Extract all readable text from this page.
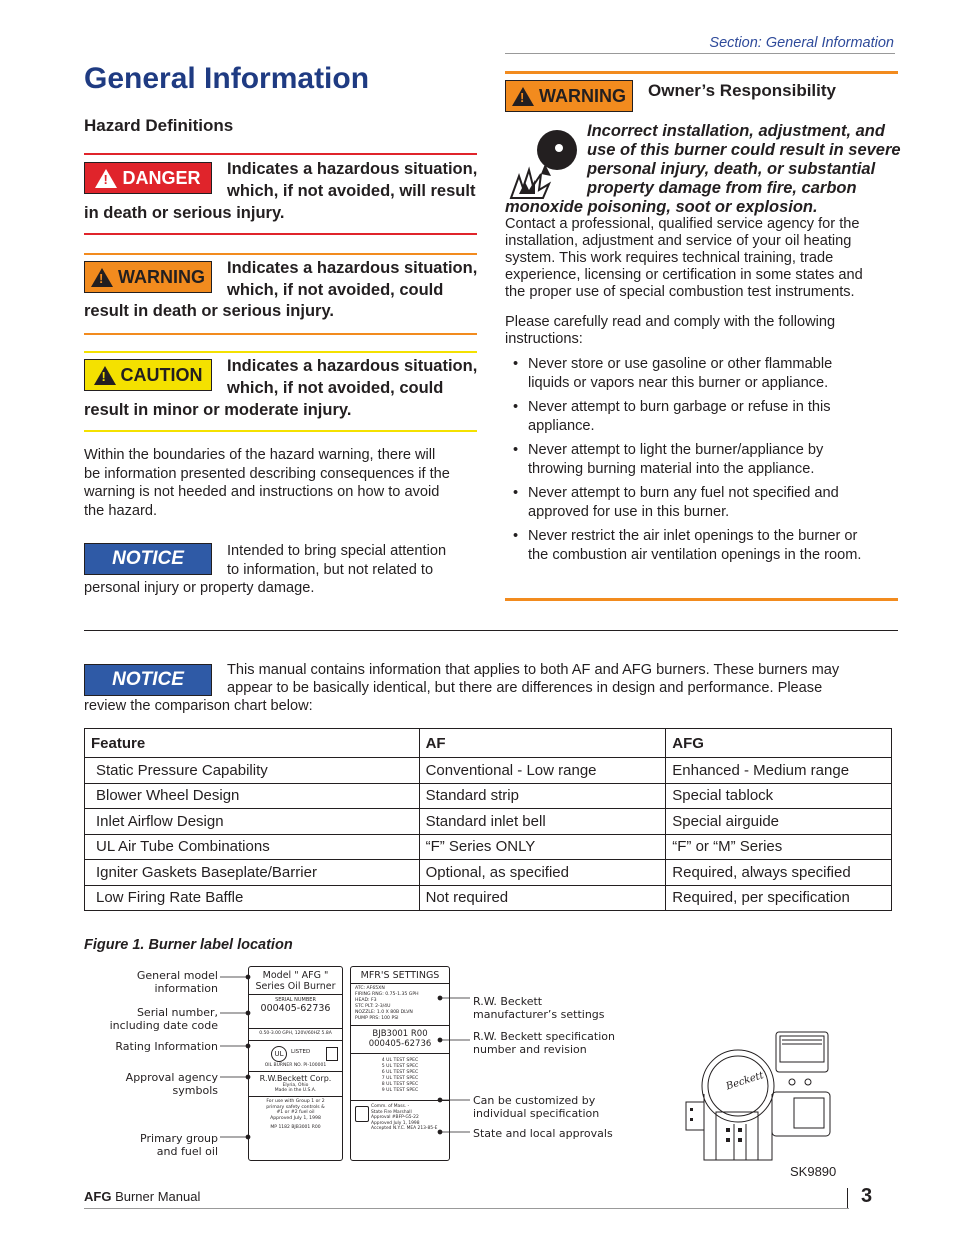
Section: General Information
General Information
Hazard Definitions
! DANGER Indicates a hazardous situation,
which, if not avoided, will result
in death or serious injury.
! WARNING Indicates a hazardous situation,
which, if not avoided, could
result in death or serious injury.
! CAUTION Indicates a hazardous situation,
which, if not avoided, could
result in minor or moderate injury.
Within the boundaries of the hazard warning, there will
be information presented describing consequences if the
warning is not heeded and instructions on how to avoid
the hazard.
NOTICE	Intended to bring special attention
to information, but not related to
personal injury or property damage.
! WARNING Owner’s Responsibility
Incorrect installation, adjustment, and
use of this burner could result in severe
personal injury, death, or substantial
property damage from fire, carbon
monoxide poisoning, soot or explosion.
Contact a professional, qualified service agency for the
installation, adjustment and service of your oil heating
system. This work requires technical training, trade
experience, licensing or certification in some states and
the proper use of special combustion test instruments.
Please carefully read and comply with the following
instructions:
• Never store or use gasoline or other flammable
liquids or vapors near this burner or appliance.
• Never attempt to burn garbage or refuse in this
appliance.
• Never attempt to light the burner/appliance by
throwing burning material into the appliance.
• Never attempt to burn any fuel not specified and
approved for use in this burner.
• Never restrict the air inlet openings to the burner or
the combustion air ventilation openings in the room.
NOTICE	This manual contains information that applies to both AF and AFG burners. These burners may
appear to be basically identical, but there are differences in design and performance. Please
review the comparison chart below:
Feature	AF	AFG
Static Pressure Capability	Conventional - Low range	Enhanced - Medium range
Blower Wheel Design	Standard strip	Special tablock
Inlet Airflow Design	Standard inlet bell	Special airguide
UL Air Tube Combinations	“F” Series ONLY	“F” or “M” Series
Igniter Gaskets Baseplate/Barrier	Optional, as specified	Required, always specified
Low Firing Rate Baffle	Not required	Required, per specification
Figure 1. Burner label location
General model
information
Serial number,
including date code
Rating Information
Approval agency
symbols
Primary group
and fuel oil
R.W. Beckett
manufacturer’s settings
R.W. Beckett specification
number and revision
Can be customized by
individual specification
State and local approvals
Model " AFG "
Series Oil Burner
SERIAL NUMBER
000405-62736
0.50-3.00 GPH, 120V/60HZ 5.8A
UL	LISTED
OIL BURNER NO. PI-100001
R.W.Beckett Corp.
Elyria, Ohio
Made in the U.S.A.
For use with Group 1 or 2
primary safety controls &
#1 or #2 fuel oil
Approved July 1, 1998
MP 1182 BJB3001 R00
MFR'S SETTINGS
ATC: AF65XN
FIRING RNG: 0.75-1.35 GPH
HEAD: F3
STC PLT: 2-3/4U
NOZZLE: 1.0 X 80B DLVN
PUMP PRS: 100 PSI
BJB3001 R00
000405-62736
4 UL TEST SPEC
5 UL TEST SPEC
6 UL TEST SPEC
7 UL TEST SPEC
8 UL TEST SPEC
9 UL TEST SPEC
Comm. of Mass. -
State Fire Marshall
Approval #BFP-G5-22
Approved July 1, 1998
Accepted N.Y.C. MEA 213-85-E
Beckett
SK9890
AFG Burner Manual	3
